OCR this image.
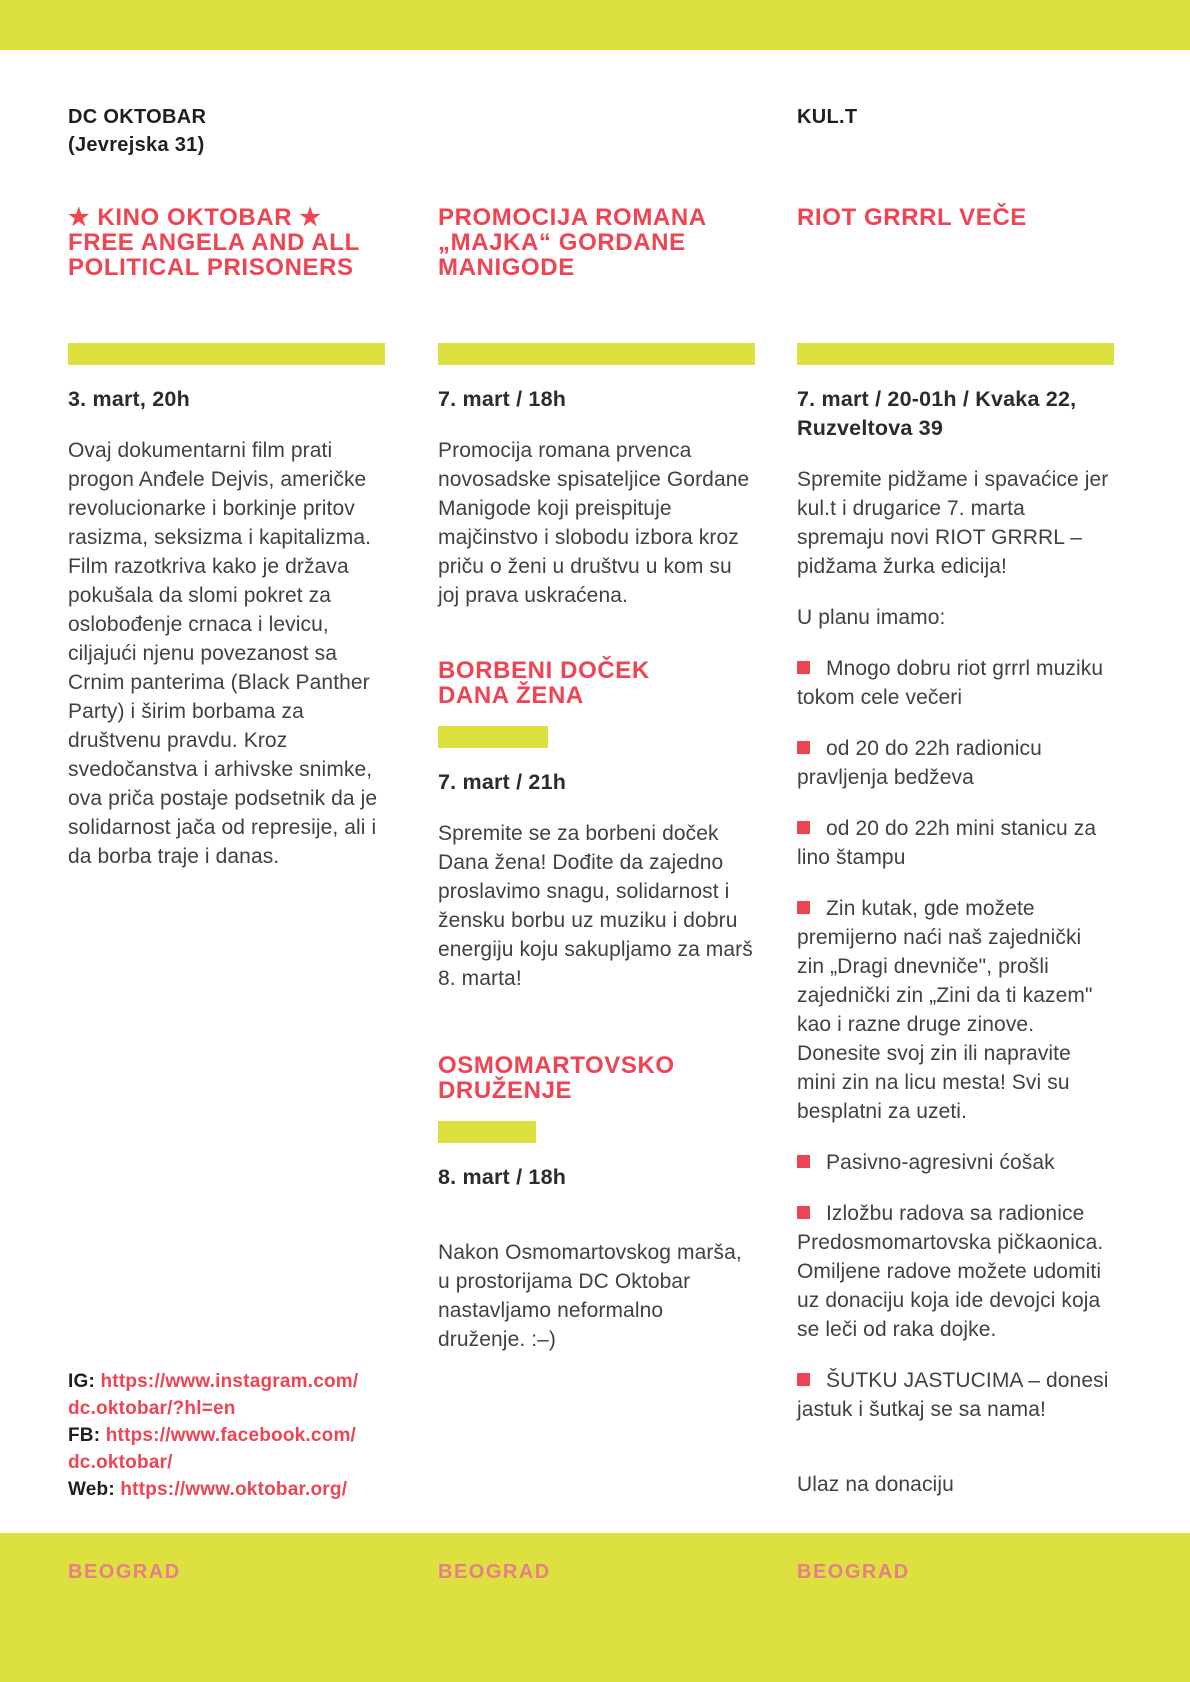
DC OKTOBAR
(Jevrejska 31)
KUL.T
★ KINO OKTOBAR ★
FREE ANGELA AND ALL
POLITICAL PRISONERS

3. mart, 20h

Ovaj dokumentarni film prati progon Anđele Dejvis, američke revolucionarke i borkinje pritov rasizma, seksizma i kapitalizma. Film razotkriva kako je država pokušala da slomi pokret za oslobođenje crnaca i levicu, ciljajući njenu povezanost sa Crnim panterima (Black Panther Party) i širim borbama za društvenu pravdu. Kroz svedočanstva i arhivske snimke, ova priča postaje podsetnik da je solidarnost jača od represije, ali i da borba traje i danas.

IG: https://www.instagram.com/
dc.oktobar/?hl=en

FB: https://www.facebook.com/
dc.oktobar/

Web: https://www.oktobar.org/

PROMOCIJA ROMANA
„MAJKA“ GORDANE
MANIGODE

7. mart / 18h

Promocija romana prvenca novosadske spisateljice Gordane Manigode koji preispituje majčinstvo i slobodu izbora kroz priču o ženi u društvu u kom su joj prava uskraćena.

BORBENI DOČEK
DANA ŽENA

7. mart / 21h

Spremite se za borbeni doček Dana žena! Dođite da zajedno proslavimo snagu, solidarnost i žensku borbu uz muziku i dobru energiju koju sakupljamo za marš 8. marta!

OSMOMARTOVSKO
DRUŽENJE

8. mart / 18h

Nakon Osmomartovskog marša, u prostorijama DC Oktobar nastavljamo neformalno druženje. :–)

RIOT GRRRL VEČE

7. mart / 20-01h / Kvaka 22,
Ruzveltova 39

Spremite pidžame i spavaćice jer kul.t i drugarice 7. marta spremaju novi RIOT GRRRL – pidžama žurka edicija!

U planu imamo:

Mnogo dobru riot grrrl muziku tokom cele večeri

od 20 do 22h radionicu pravljenja bedževa

od 20 do 22h mini stanicu za lino štampu

Zin kutak, gde možete premijerno naći naš zajednički zin „Dragi dnevniče", prošli zajednički zin „Zini da ti kazem" kao i razne druge zinove. Donesite svoj zin ili napravite mini zin na licu mesta! Svi su besplatni za uzeti.

Pasivno-agresivni ćošak

Izložbu radova sa radionice Predosmomartovska pičkaonica. Omiljene radove možete udomiti uz donaciju koja ide devojci koja se leči od raka dojke.

ŠUTKU JASTUCIMA – donesi jastuk i šutkaj se sa nama!

Ulaz na donaciju

BEOGRAD	BEOGRAD	BEOGRAD
